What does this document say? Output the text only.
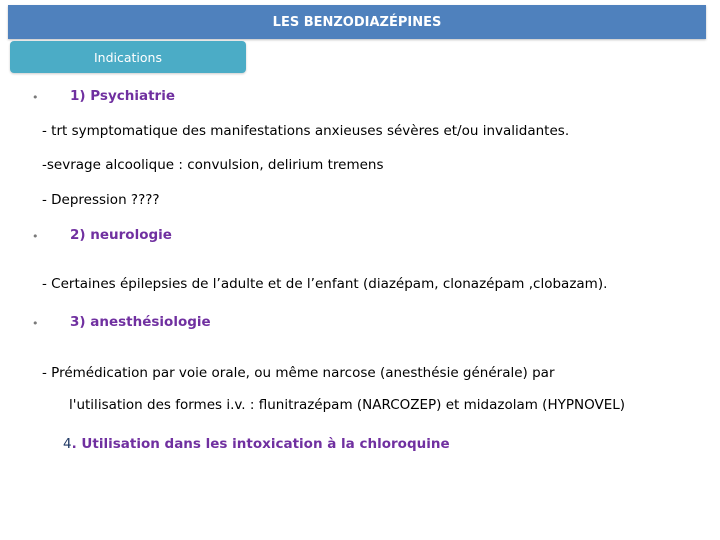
LES BENZODIAZÉPINES
Indications
• 1) Psychiatrie
- trt symptomatique des manifestations anxieuses sévères et/ou invalidantes.
-sevrage alcoolique : convulsion, delirium tremens
- Depression ????
• 2) neurologie
- Certaines épilepsies de l’adulte et de l’enfant (diazépam, clonazépam ,clobazam).
• 3) anesthésiologie
- Prémédication par voie orale, ou même narcose (anesthésie générale) par
l'utilisation des formes i.v. : flunitrazépam (NARCOZEP) et midazolam (HYPNOVEL)
4. Utilisation dans les intoxication à la chloroquine
